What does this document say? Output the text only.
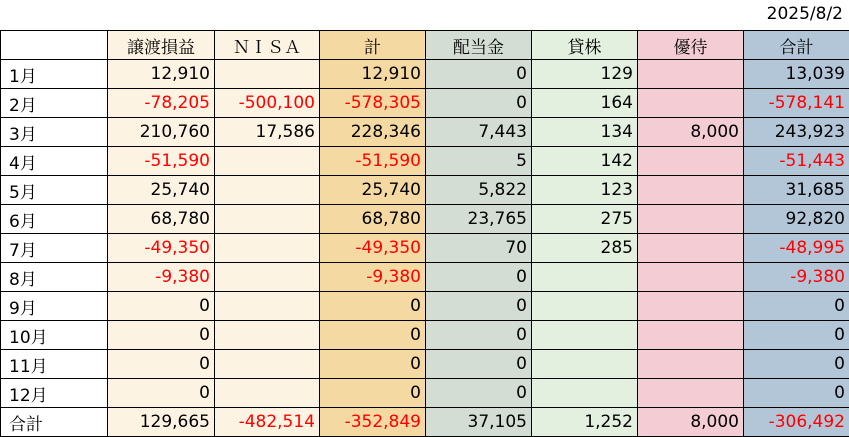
2025/8/2
	譲渡損益	ＮＩＳＡ	計	配当金	貸株	優待	合計
1月	12,910		12,910	0	129		13,039
2月	-78,205	-500,100	-578,305	0	164		-578,141
3月	210,760	17,586	228,346	7,443	134	8,000	243,923
4月	-51,590		-51,590	5	142		-51,443
5月	25,740		25,740	5,822	123		31,685
6月	68,780		68,780	23,765	275		92,820
7月	-49,350		-49,350	70	285		-48,995
8月	-9,380		-9,380	0			-9,380
9月	0		0	0			0
10月	0		0	0			0
11月	0		0	0			0
12月	0		0	0			0
合計	129,665	-482,514	-352,849	37,105	1,252	8,000	-306,492
